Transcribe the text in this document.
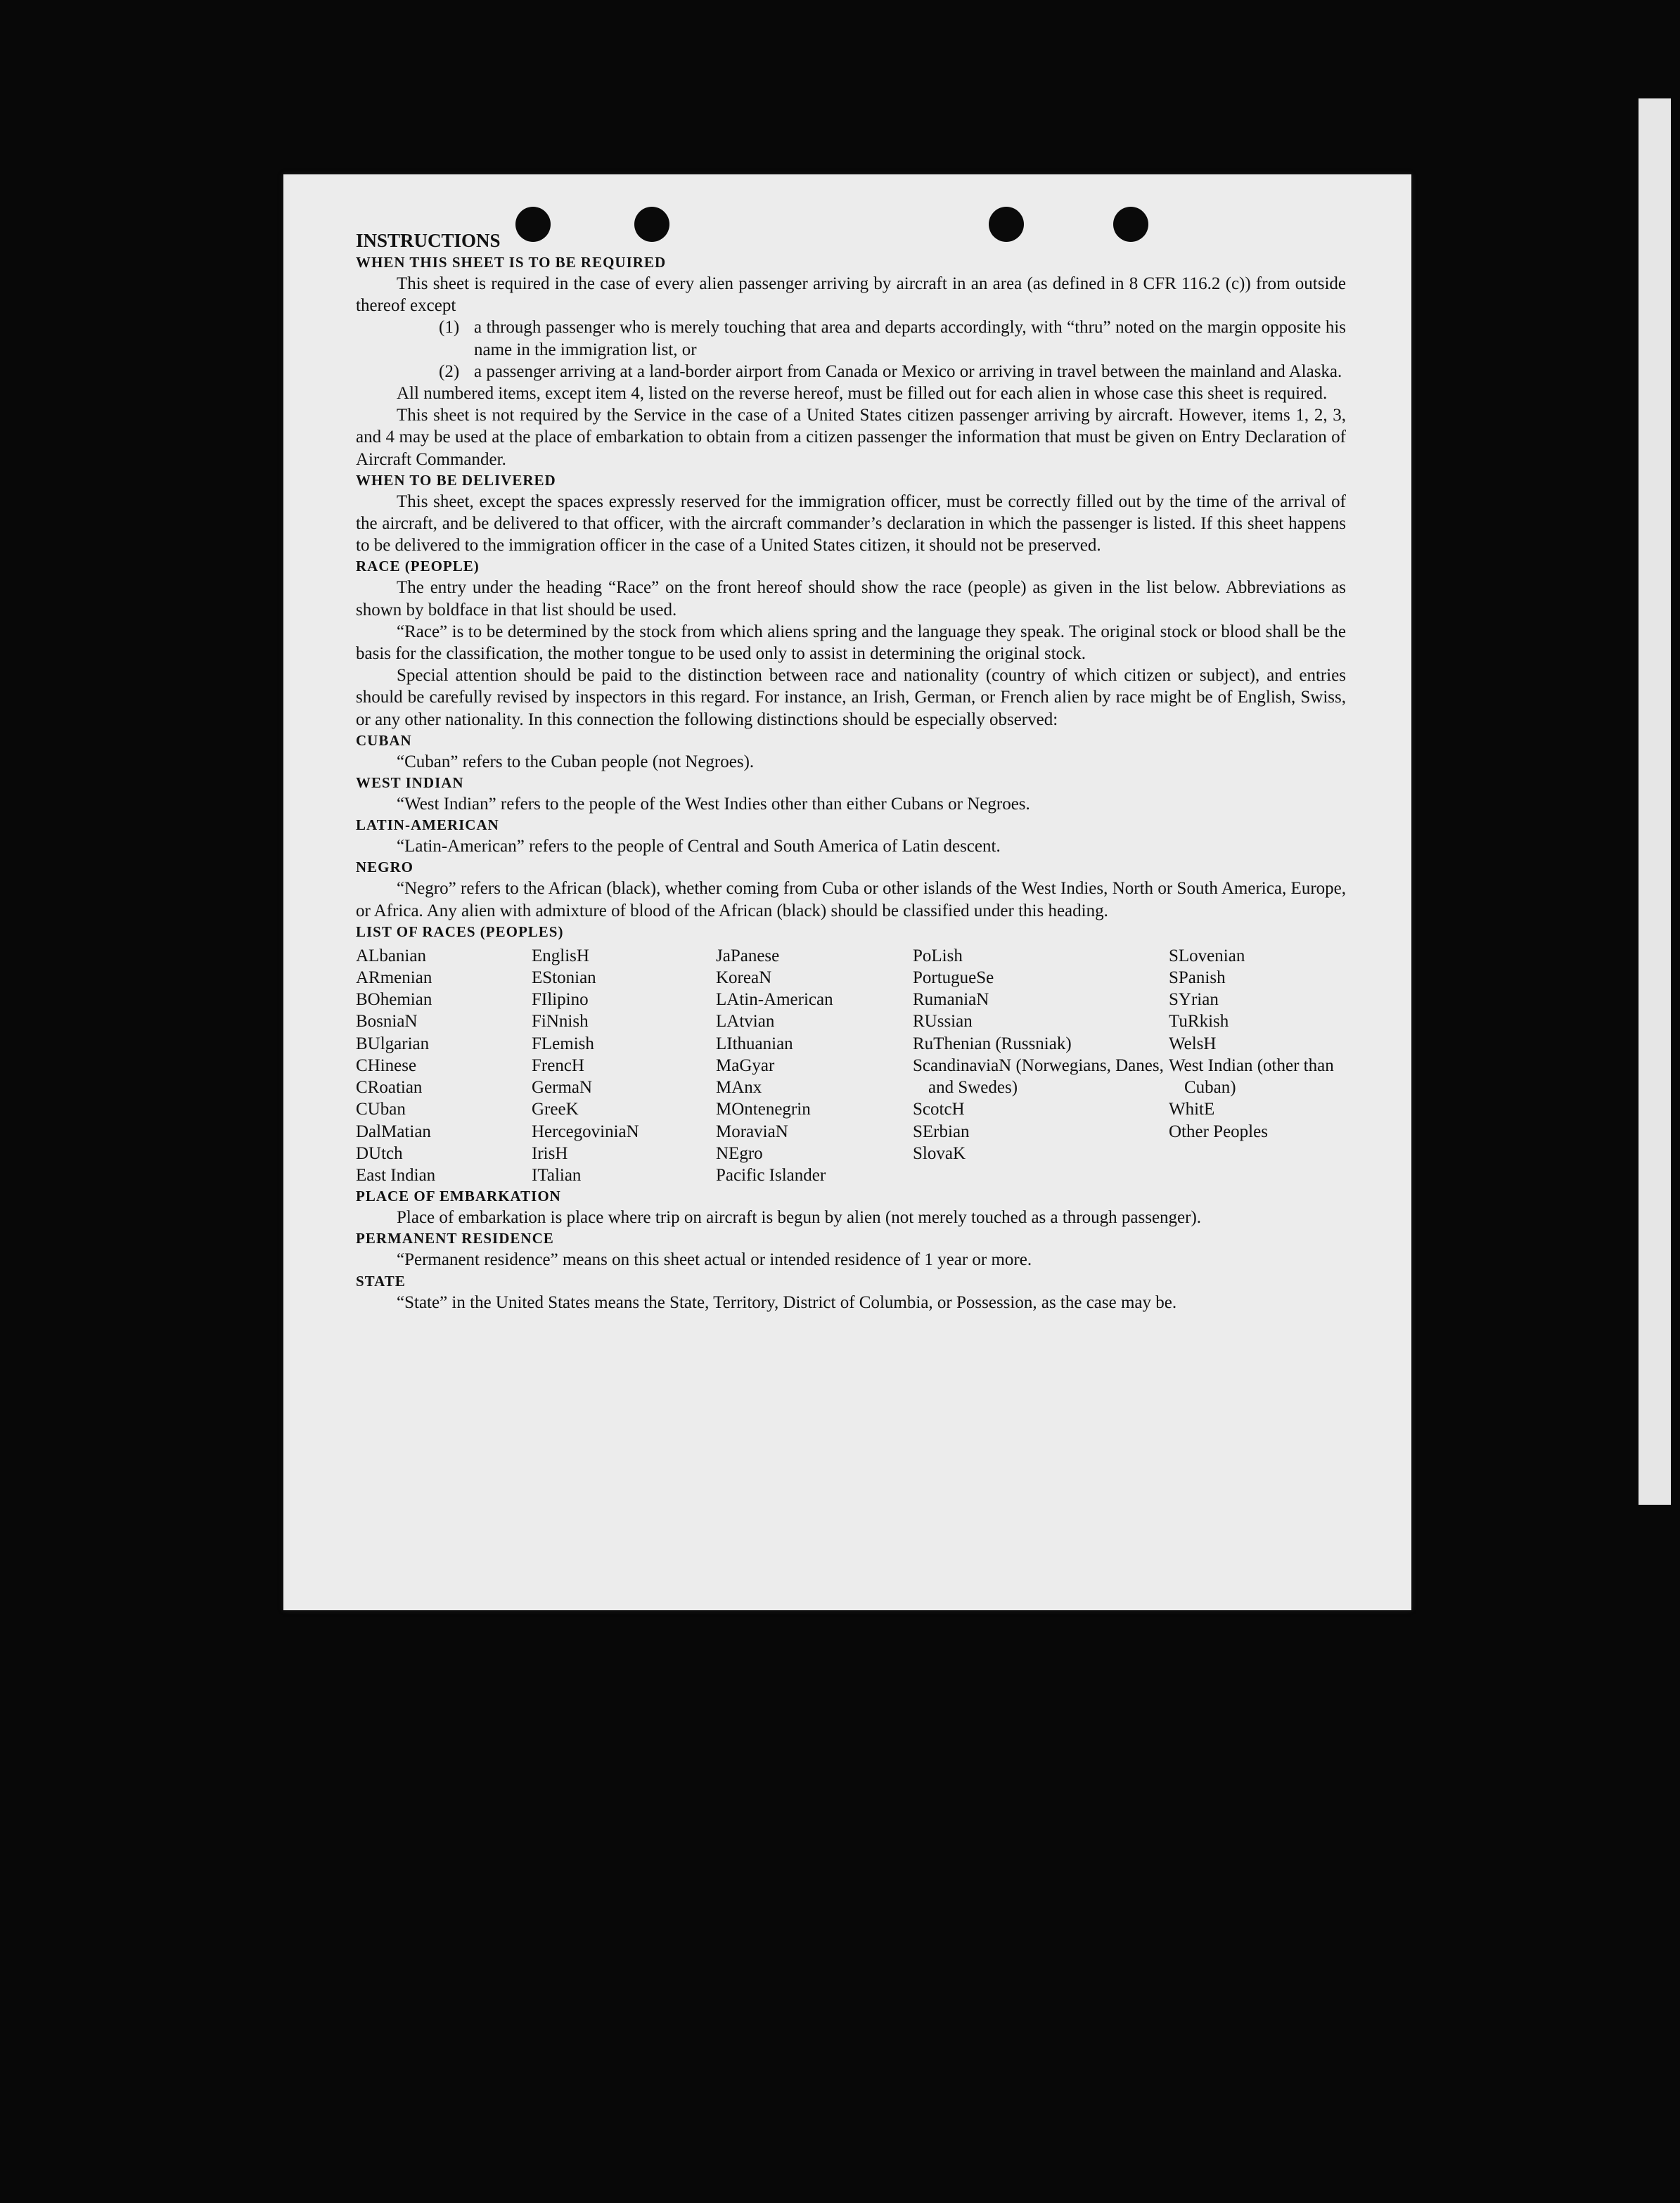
INSTRUCTIONS

WHEN THIS SHEET IS TO BE REQUIRED

This sheet is required in the case of every alien passenger arriving by aircraft in an area (as defined in 8 CFR 116.2 (c)) from outside thereof except

(1) a through passenger who is merely touching that area and departs accordingly, with “thru” noted on the margin opposite his name in the immigration list, or
(2) a passenger arriving at a land-border airport from Canada or Mexico or arriving in travel between the mainland and Alaska.

All numbered items, except item 4, listed on the reverse hereof, must be filled out for each alien in whose case this sheet is required.

This sheet is not required by the Service in the case of a United States citizen passenger arriving by aircraft. However, items 1, 2, 3, and 4 may be used at the place of embarkation to obtain from a citizen passenger the information that must be given on Entry Declaration of Aircraft Commander.

WHEN TO BE DELIVERED

This sheet, except the spaces expressly reserved for the immigration officer, must be correctly filled out by the time of the arrival of the aircraft, and be delivered to that officer, with the aircraft commander’s declaration in which the passenger is listed. If this sheet happens to be delivered to the immigration officer in the case of a United States citizen, it should not be preserved.

RACE (PEOPLE)

The entry under the heading “Race” on the front hereof should show the race (people) as given in the list below. Abbreviations as shown by boldface in that list should be used.

“Race” is to be determined by the stock from which aliens spring and the language they speak. The original stock or blood shall be the basis for the classification, the mother tongue to be used only to assist in determining the original stock.

Special attention should be paid to the distinction between race and nationality (country of which citizen or subject), and entries should be carefully revised by inspectors in this regard. For instance, an Irish, German, or French alien by race might be of English, Swiss, or any other nationality. In this connection the following distinctions should be especially observed:

CUBAN

“Cuban” refers to the Cuban people (not Negroes).

WEST INDIAN

“West Indian” refers to the people of the West Indies other than either Cubans or Negroes.

LATIN-AMERICAN

“Latin-American” refers to the people of Central and South America of Latin descent.

NEGRO

“Negro” refers to the African (black), whether coming from Cuba or other islands of the West Indies, North or South America, Europe, or Africa. Any alien with admixture of blood of the African (black) should be classified under this heading.

LIST OF RACES (PEOPLES)

ALbanian
ARmenian
BOhemian
BosniaN
BUlgarian
CHinese
CRoatian
CUban
DalMatian
DUtch
East Indian
EnglisH
EStonian
FIlipino
FiNnish
FLemish
FrencH
GermaN
GreeK
HercegoviniaN
IrisH
ITalian
JaPanese
KoreaN
LAtin-American
LAtvian
LIthuanian
MaGyar
MAnx
MOntenegrin
MoraviaN
NEgro
Pacific Islander
PoLish
PortugueSe
RumaniaN
RUssian
RuThenian (Russniak)
ScandinaviaN (Norwegians, Danes, and Swedes)
ScotcH
SErbian
SlovaK
SLovenian
SPanish
SYrian
TuRkish
WelsH
West Indian (other than Cuban)
WhitE
Other Peoples

PLACE OF EMBARKATION

Place of embarkation is place where trip on aircraft is begun by alien (not merely touched as a through passenger).

PERMANENT RESIDENCE

“Permanent residence” means on this sheet actual or intended residence of 1 year or more.

STATE

“State” in the United States means the State, Territory, District of Columbia, or Possession, as the case may be.
